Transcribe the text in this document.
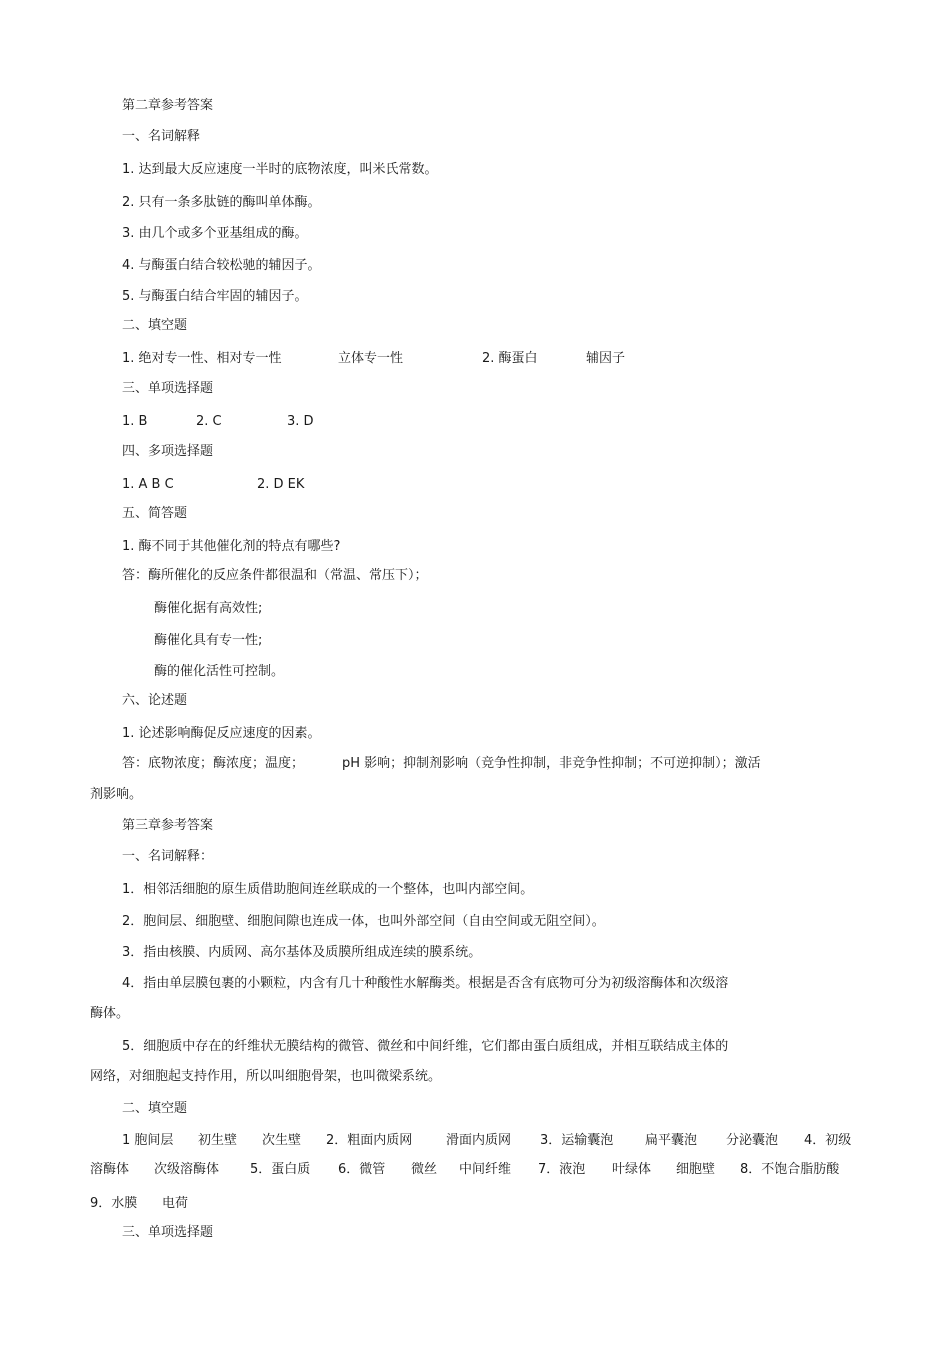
第二章参考答案
一、名词解释
1. 达到最大反应速度一半时的底物浓度，叫米氏常数。
2. 只有一条多肽链的酶叫单体酶。
3. 由几个或多个亚基组成的酶。
4. 与酶蛋白结合较松驰的辅因子。
5. 与酶蛋白结合牢固的辅因子。
二、填空题
1. 绝对专一性、相对专一性	立体专一性	2. 酶蛋白	辅因子
三、单项选择题
1. B	2. C	3. D
四、多项选择题
1. A B C	2. D EK
五、简答题
1. 酶不同于其他催化剂的特点有哪些?
答：酶所催化的反应条件都很温和（常温、常压下）；
酶催化据有高效性;
酶催化具有专一性;
酶的催化活性可控制。
六、论述题
1. 论述影响酶促反应速度的因素。
答：底物浓度；酶浓度；温度；	pH 影响；抑制剂影响（竞争性抑制，非竞争性抑制；不可逆抑制）；激活
剂影响。
第三章参考答案
一、名词解释：
1．相邻活细胞的原生质借助胞间连丝联成的一个整体，也叫内部空间。
2．胞间层、细胞壁、细胞间隙也连成一体，也叫外部空间（自由空间或无阻空间）。
3．指由核膜、内质网、高尔基体及质膜所组成连续的膜系统。
4．指由单层膜包裹的小颗粒，内含有几十种酸性水解酶类。根据是否含有底物可分为初级溶酶体和次级溶
酶体。
5．细胞质中存在的纤维状无膜结构的微管、微丝和中间纤维，它们都由蛋白质组成，并相互联结成主体的
网络，对细胞起支持作用，所以叫细胞骨架，也叫微梁系统。
二、填空题
1 胞间层 初生壁 次生壁 2．粗面内质网	滑面内质网 3．运输囊泡 扁平囊泡 分泌囊泡 4．初级
溶酶体 次级溶酶体 5．蛋白质 6．微管 微丝 中间纤维 7．液泡 叶绿体 细胞壁 8．不饱合脂肪酸
9．水膜 电荷
三、单项选择题
